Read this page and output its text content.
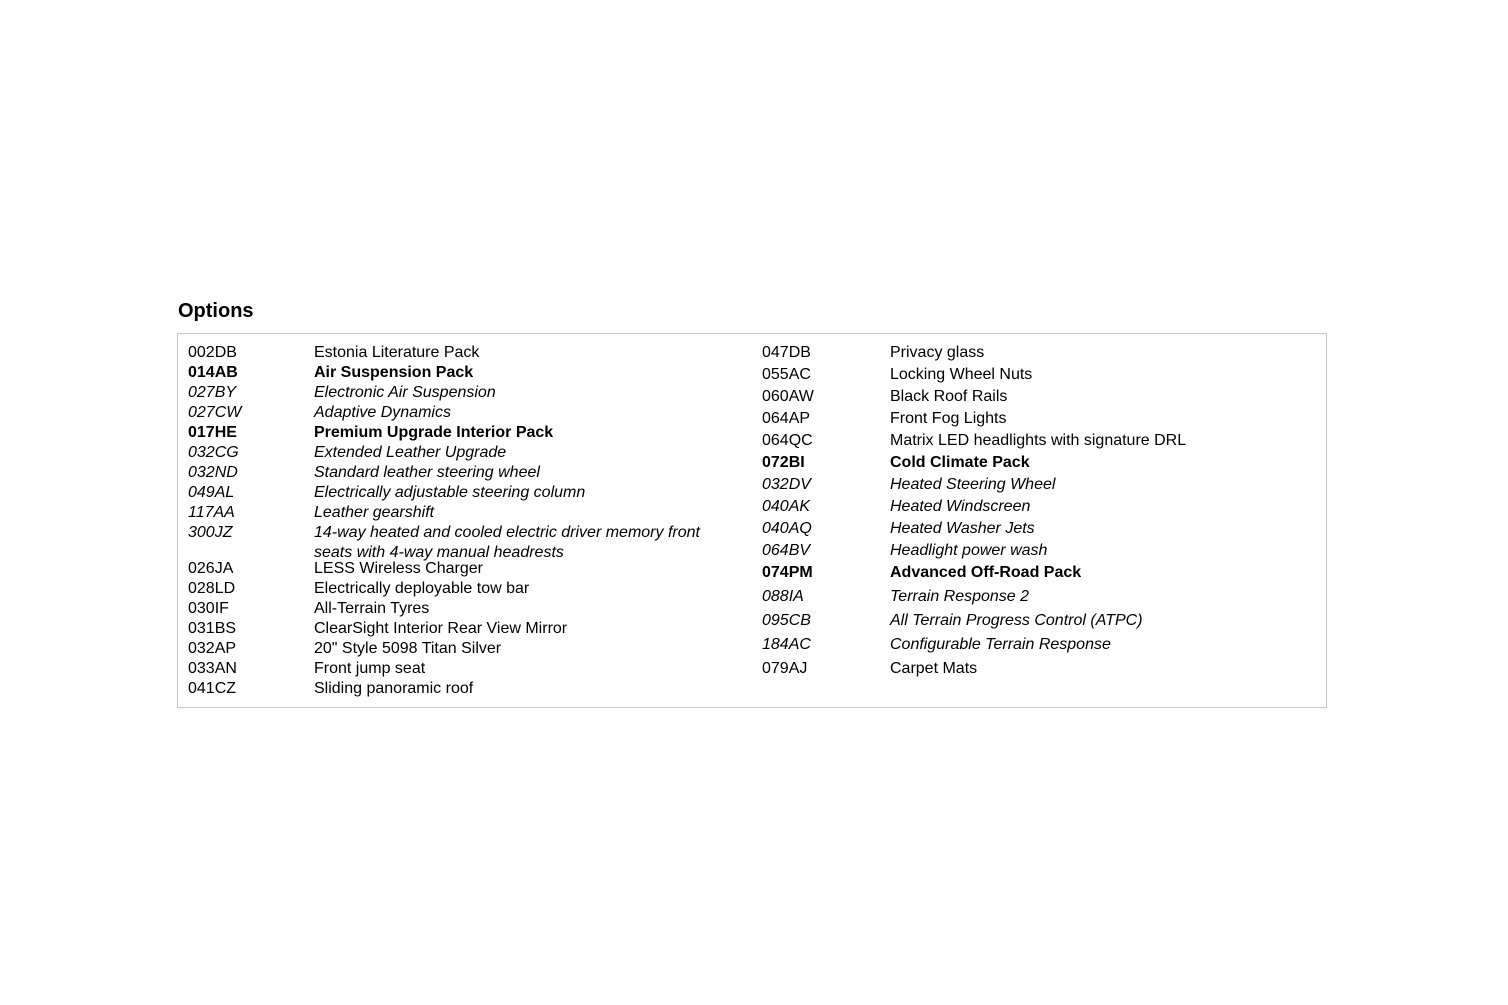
Options
002DB	Estonia Literature Pack
014AB	Air Suspension Pack
027BY	Electronic Air Suspension
027CW	Adaptive Dynamics
017HE	Premium Upgrade Interior Pack
032CG	Extended Leather Upgrade
032ND	Standard leather steering wheel
049AL	Electrically adjustable steering column
117AA	Leather gearshift
300JZ	14-way heated and cooled electric driver memory front seats with 4-way manual headrests
026JA	LESS Wireless Charger
028LD	Electrically deployable tow bar
030IF	All-Terrain Tyres
031BS	ClearSight Interior Rear View Mirror
032AP	20" Style 5098 Titan Silver
033AN	Front jump seat
041CZ	Sliding panoramic roof
047DB	Privacy glass
055AC	Locking Wheel Nuts
060AW	Black Roof Rails
064AP	Front Fog Lights
064QC	Matrix LED headlights with signature DRL
072BI	Cold Climate Pack
032DV	Heated Steering Wheel
040AK	Heated Windscreen
040AQ	Heated Washer Jets
064BV	Headlight power wash
074PM	Advanced Off-Road Pack
088IA	Terrain Response 2
095CB	All Terrain Progress Control (ATPC)
184AC	Configurable Terrain Response
079AJ	Carpet Mats
